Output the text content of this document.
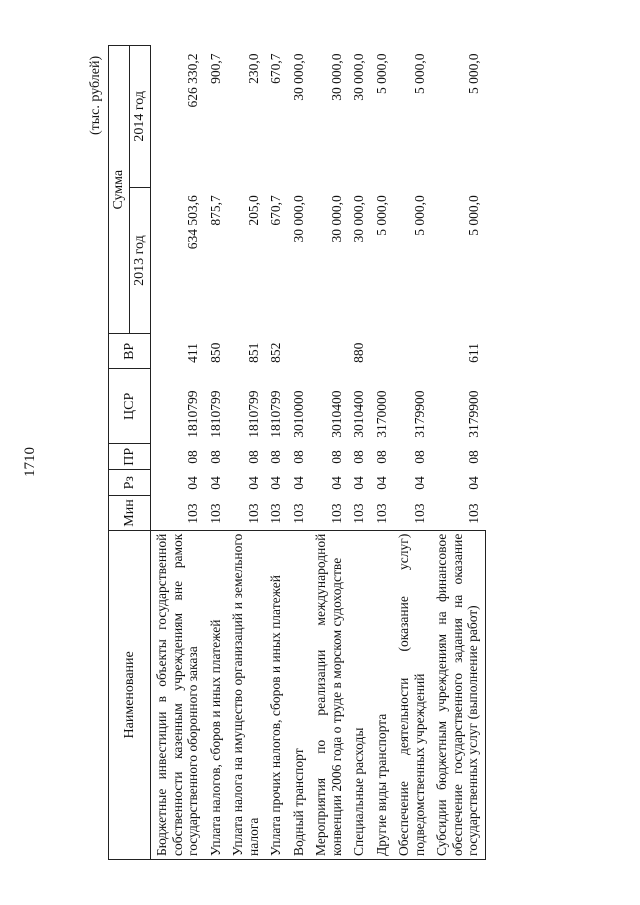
1710
(тыс. рублей)
Наименование	Мин	Рз	ПР	ЦСР	ВР	Сумма	
						2013 год	2014 год
Бюджетные инвестиции в объекты государственной собственности казенным учреждениям вне рамок государственного оборонного заказа	103	04	08	1810799	411	634 503,6	626 330,2
Уплата налогов, сборов и иных платежей	103	04	08	1810799	850	875,7	900,7
Уплата налога на имущество организаций и земельного налога	103	04	08	1810799	851	205,0	230,0
Уплата прочих налогов, сборов и иных платежей	103	04	08	1810799	852	670,7	670,7
Водный транспорт	103	04	08	3010000		30 000,0	30 000,0
Мероприятия по реализации международной конвенции 2006 года о труде в морском судоходстве	103	04	08	3010400		30 000,0	30 000,0
Специальные расходы	103	04	08	3010400	880	30 000,0	30 000,0
Другие виды транспорта	103	04	08	3170000		5 000,0	5 000,0
Обеспечение деятельности (оказание услуг) подведомственных учреждений	103	04	08	3179900		5 000,0	5 000,0
Субсидии бюджетным учреждениям на финансовое обеспечение государственного задания на оказание государственных услуг (выполнение работ)	103	04	08	3179900	611	5 000,0	5 000,0
